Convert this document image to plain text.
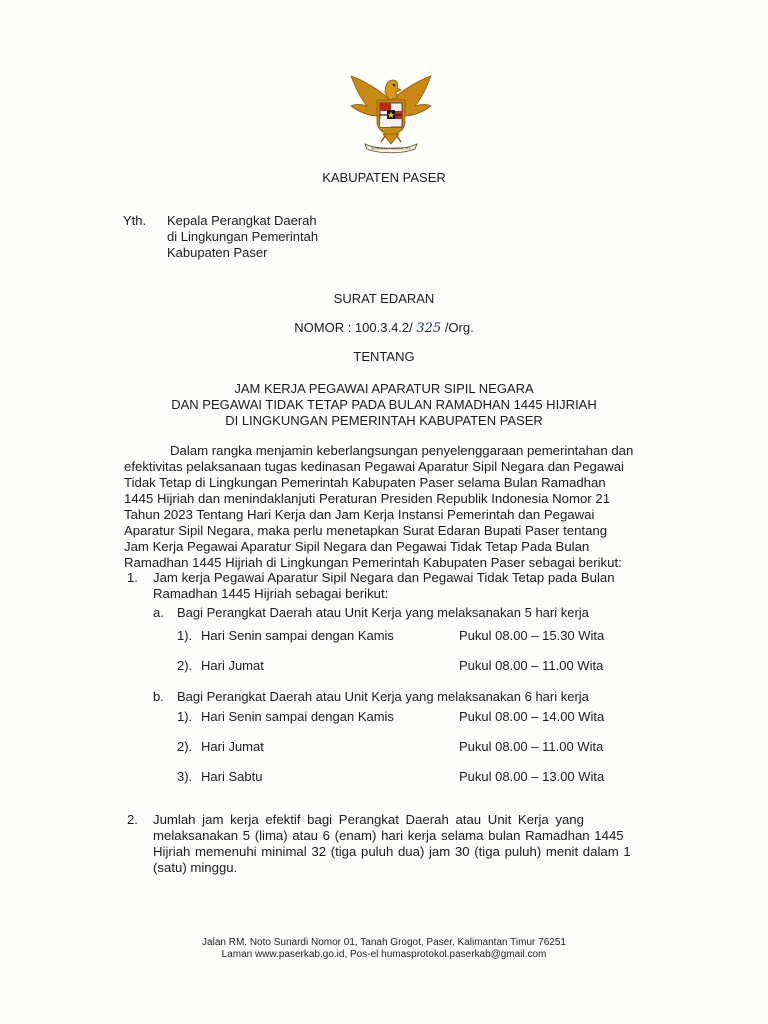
BHINNEKA TUNGGAL IKA
KABUPATEN PASER
Yth. Kepala Perangkat Daerah
di Lingkungan Pemerintah
Kabupaten Paser
SURAT EDARAN
NOMOR : 100.3.4.2/ 325 /Org.
TENTANG
JAM KERJA PEGAWAI APARATUR SIPIL NEGARA
DAN PEGAWAI TIDAK TETAP PADA BULAN RAMADHAN 1445 HIJRIAH
DI LINGKUNGAN PEMERINTAH KABUPATEN PASER
Dalam rangka menjamin keberlangsungan penyelenggaraan pemerintahan dan
efektivitas pelaksanaan tugas kedinasan Pegawai Aparatur Sipil Negara dan Pegawai
Tidak Tetap di Lingkungan Pemerintah Kabupaten Paser selama Bulan Ramadhan
1445 Hijriah dan menindaklanjuti Peraturan Presiden Republik Indonesia Nomor 21
Tahun 2023 Tentang Hari Kerja dan Jam Kerja Instansi Pemerintah dan Pegawai
Aparatur Sipil Negara, maka perlu menetapkan Surat Edaran Bupati Paser tentang
Jam Kerja Pegawai Aparatur Sipil Negara dan Pegawai Tidak Tetap Pada Bulan
Ramadhan 1445 Hijriah di Lingkungan Pemerintah Kabupaten Paser sebagai berikut:
1. Jam kerja Pegawai Aparatur Sipil Negara dan Pegawai Tidak Tetap pada Bulan
Ramadhan 1445 Hijriah sebagai berikut:
a. Bagi Perangkat Daerah atau Unit Kerja yang melaksanakan 5 hari kerja
1). Hari Senin sampai dengan Kamis	Pukul 08.00 – 15.30 Wita
2). Hari Jumat	Pukul 08.00 – 11.00 Wita
b. Bagi Perangkat Daerah atau Unit Kerja yang melaksanakan 6 hari kerja
1). Hari Senin sampai dengan Kamis	Pukul 08.00 – 14.00 Wita
2). Hari Jumat	Pukul 08.00 – 11.00 Wita
3). Hari Sabtu	Pukul 08.00 – 13.00 Wita
2. Jumlah jam kerja efektif bagi Perangkat Daerah atau Unit Kerja yang
melaksanakan 5 (lima) atau 6 (enam) hari kerja selama bulan Ramadhan 1445
Hijriah memenuhi minimal 32 (tiga puluh dua) jam 30 (tiga puluh) menit dalam 1
(satu) minggu.
Jalan RM. Noto Sunardi Nomor 01, Tanah Grogot, Paser, Kalimantan Timur 76251
Laman www.paserkab.go.id, Pos-el humasprotokol.paserkab@gmail.com
